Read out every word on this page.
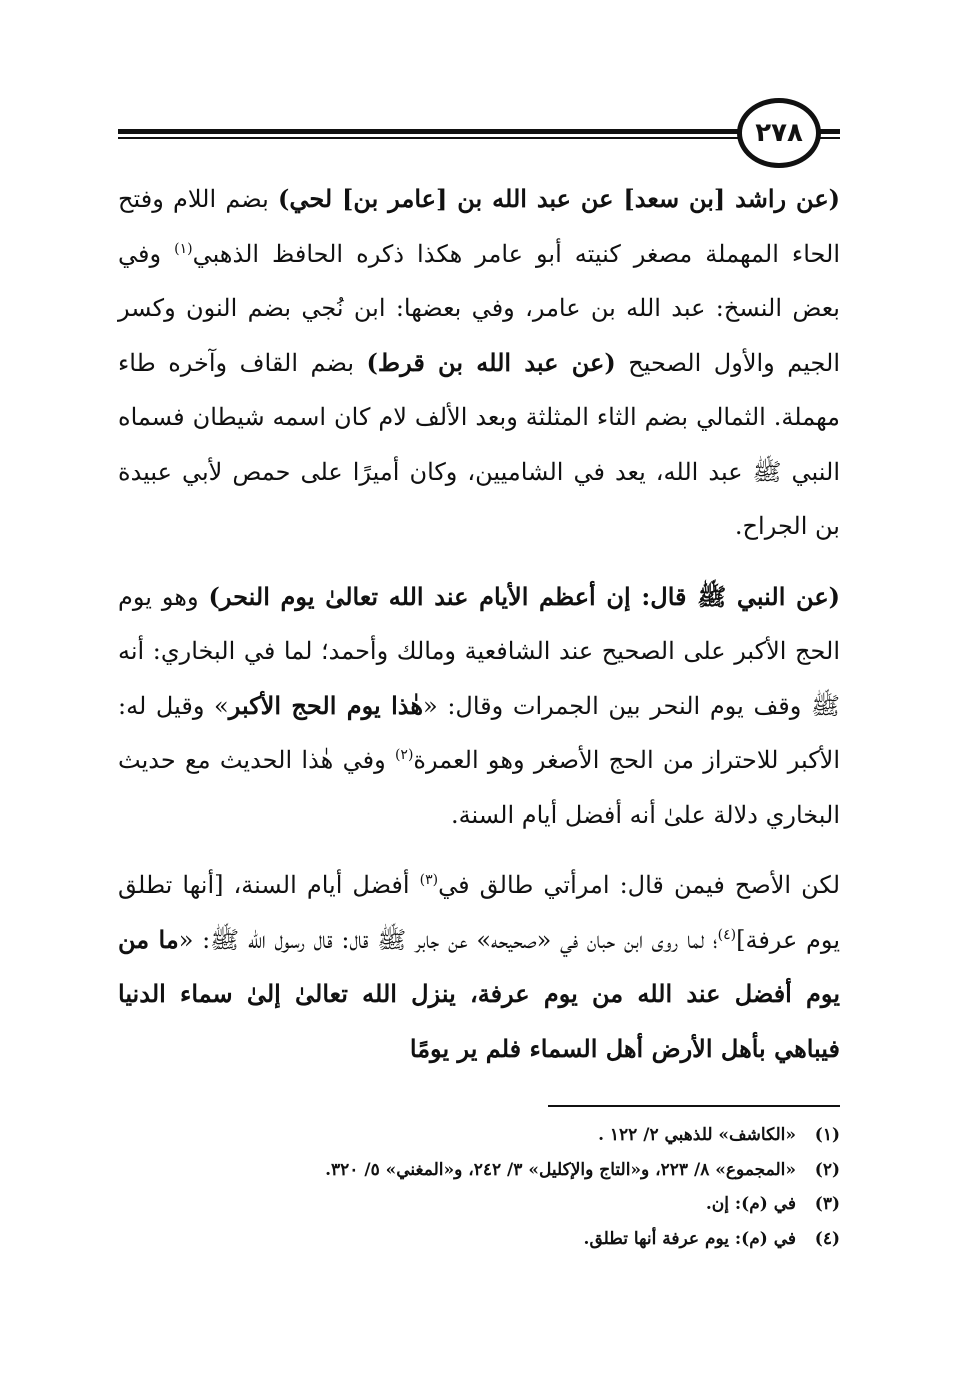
٢٧٨
(عن راشد [بن سعد] عن عبد الله بن [عامر بن] لحي) بضم اللام وفتح الحاء المهملة مصغر كنيته أبو عامر هكذا ذكره الحافظ الذهبي$^{(١)}$ وفي بعض النسخ: عبد الله بن عامر، وفي بعضها: ابن نُجي بضم النون وكسر الجيم والأول الصحيح (عن عبد الله بن قرط) بضم القاف وآخره طاء مهملة. الثمالي بضم الثاء المثلثة وبعد الألف لام كان اسمه شيطان فسماه النبي ﷺ عبد الله، يعد في الشاميين، وكان أميرًا على حمص لأبي عبيدة بن الجراح.
(عن النبي ﷺ قال: إن أعظم الأيام عند الله تعالىٰ يوم النحر) وهو يوم الحج الأكبر على الصحيح عند الشافعية ومالك وأحمد؛ لما في البخاري: أنه ﷺ وقف يوم النحر بين الجمرات وقال: «هٰذا يوم الحج الأكبر» وقيل له: الأكبر للاحتراز من الحج الأصغر وهو العمرة$^{(٢)}$ وفي هٰذا الحديث مع حديث البخاري دلالة علىٰ أنه أفضل أيام السنة.
لكن الأصح فيمن قال: امرأتي طالق في$^{(٣)}$ أفضل أيام السنة، [أنها تطلق يوم عرفة]$^{(٤)}$؛ لما روى ابن حبان في «صحيحه» عن جابر ﷺ قال: قال رسول الله ﷺ: «ما من يوم أفضل عند الله من يوم عرفة، ينزل الله تعالىٰ إلىٰ سماء الدنيا فيباهي بأهل الأرض أهل السماء فلم ير يومًا
(١)
«الكاشف» للذهبي ٢/ ١٢٢ .
(٢)
«المجموع» ٨/ ٢٢٣، و«التاج والإكليل» ٣/ ٢٤٢، و«المغني» ٥/ ٣٢٠.
(٣)
في (م): إن.
(٤)
في (م): يوم عرفة أنها تطلق.
